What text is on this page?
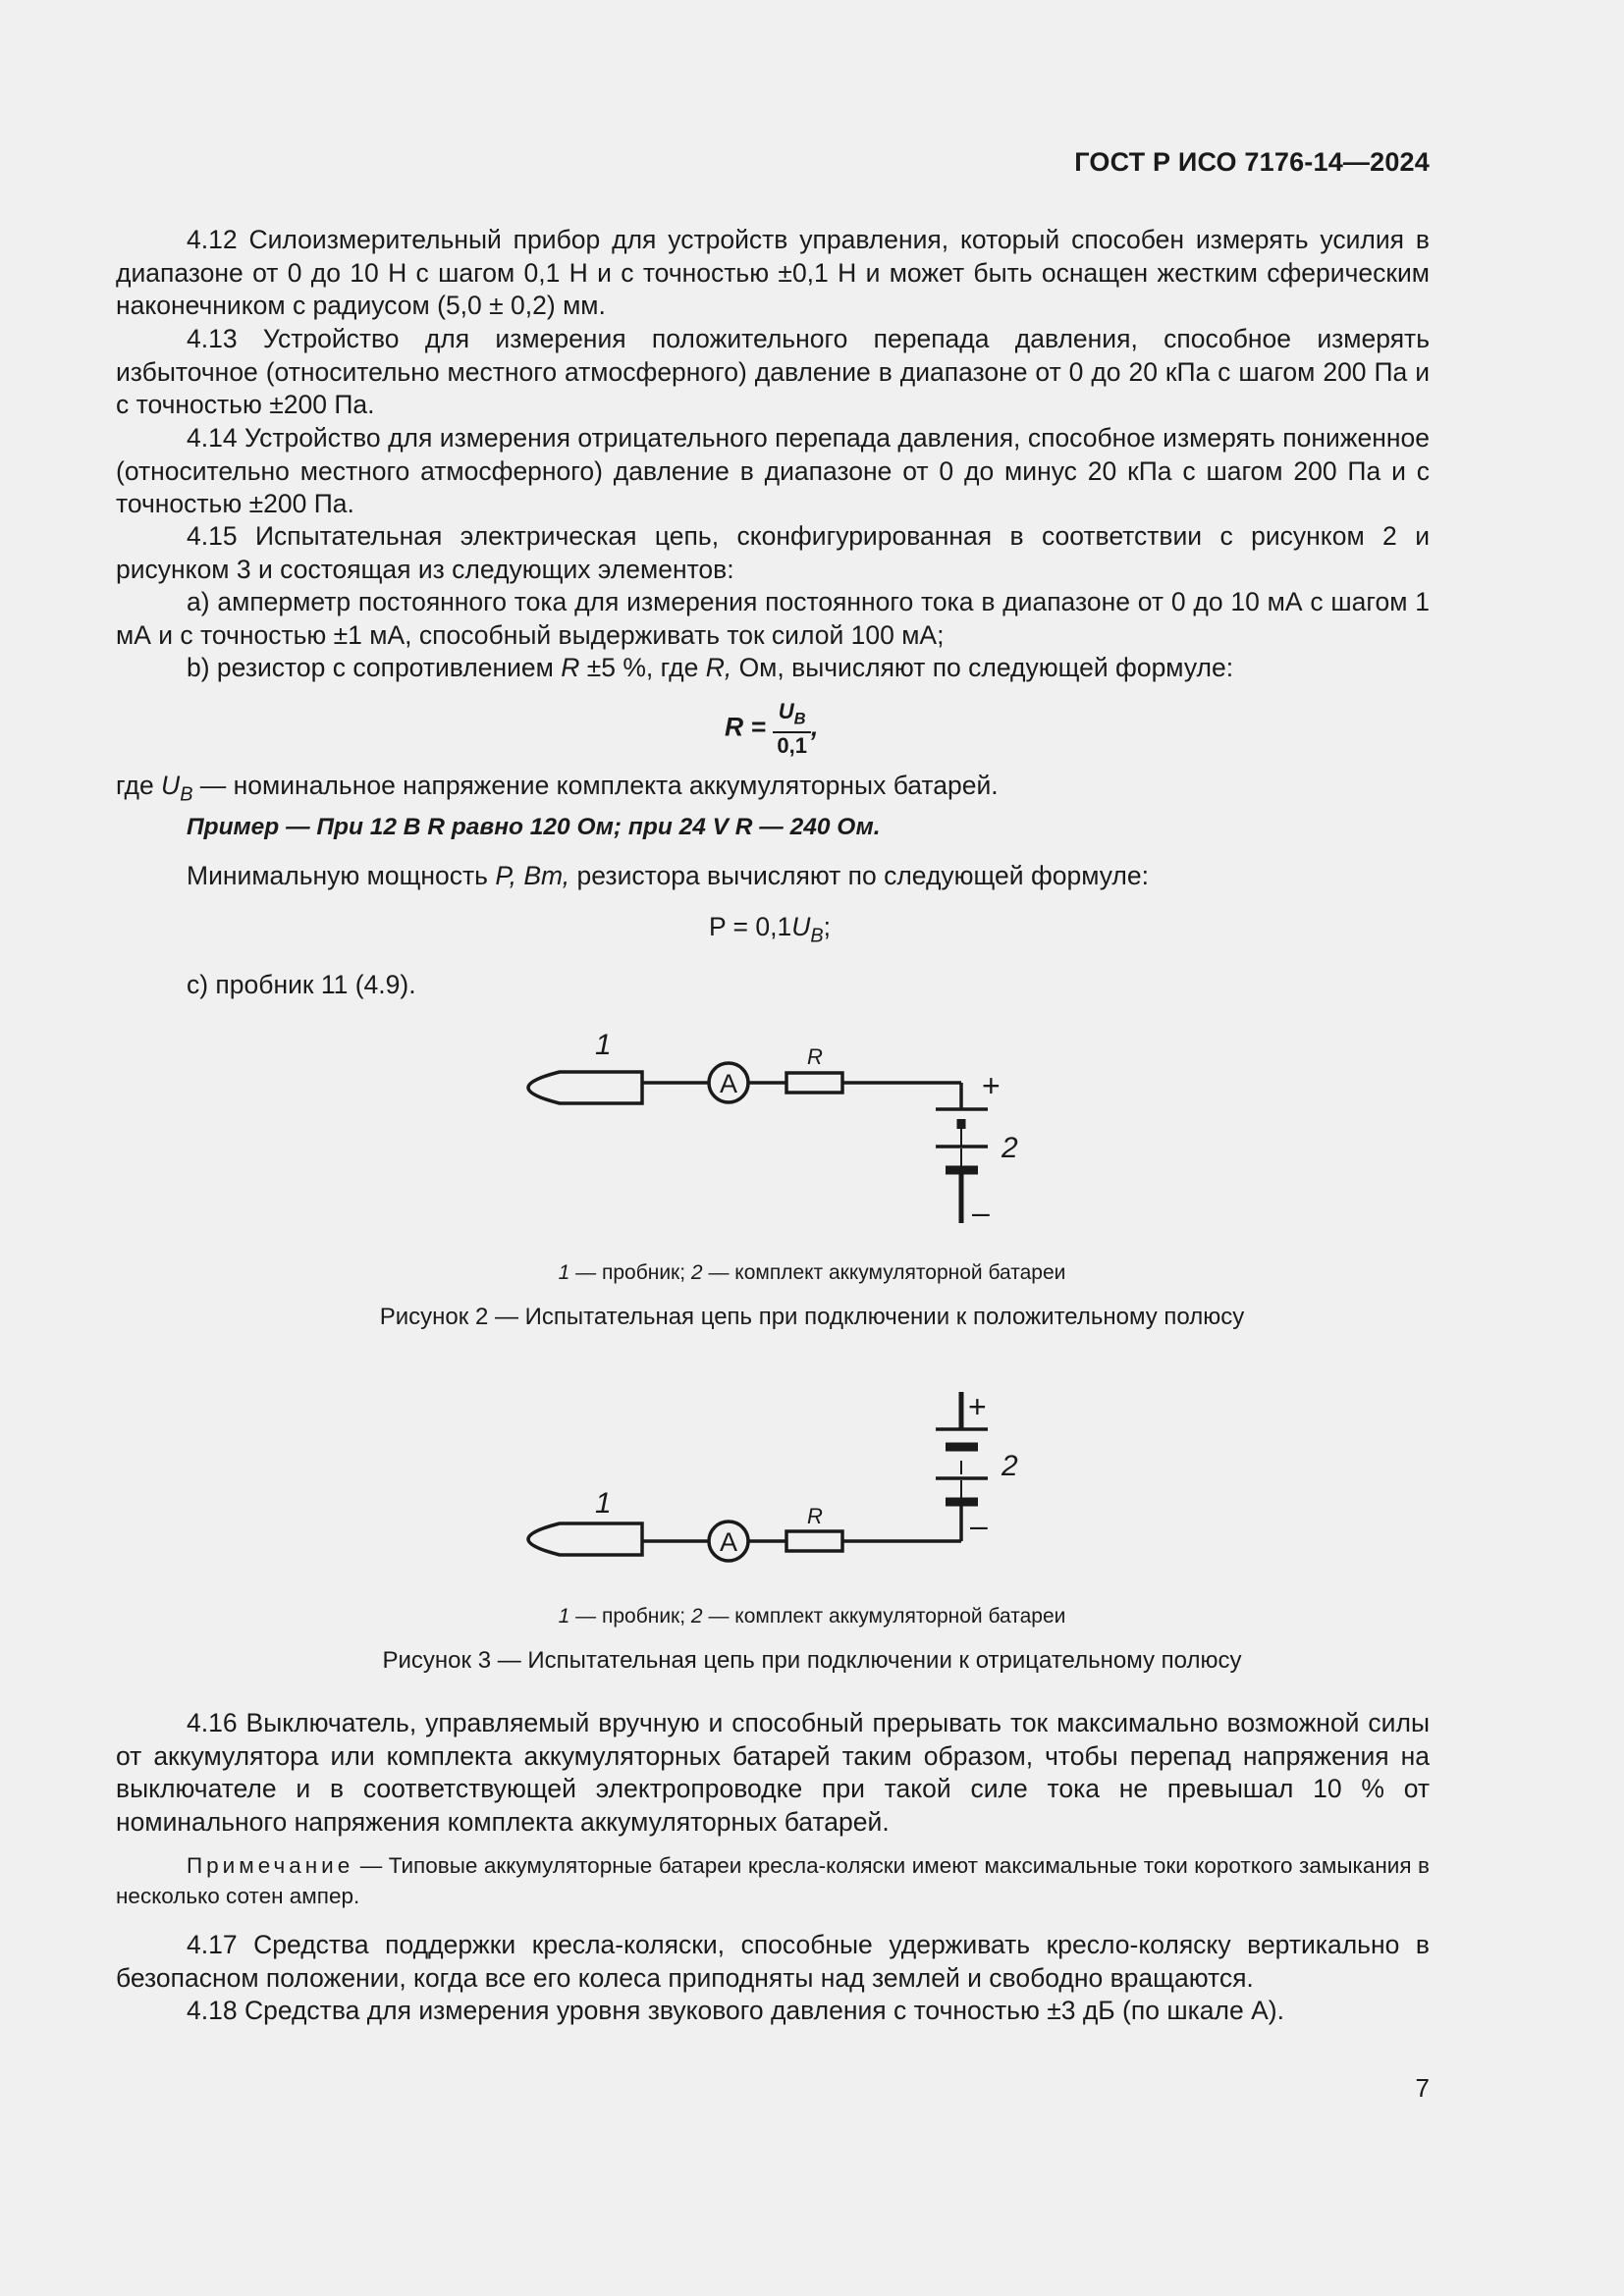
ГОСТ Р ИСО 7176-14—2024

4.12 Силоизмерительный прибор для устройств управления, который способен измерять усилия в диапазоне от 0 до 10 Н с шагом 0,1 Н и с точностью ±0,1 Н и может быть оснащен жестким сферическим наконечником с радиусом (5,0 ± 0,2) мм.

4.13 Устройство для измерения положительного перепада давления, способное измерять избыточное (относительно местного атмосферного) давление в диапазоне от 0 до 20 кПа с шагом 200 Па и с точностью ±200 Па.

4.14 Устройство для измерения отрицательного перепада давления, способное измерять пониженное (относительно местного атмосферного) давление в диапазоне от 0 до минус 20 кПа с шагом 200 Па и с точностью ±200 Па.

4.15 Испытательная электрическая цепь, сконфигурированная в соответствии с рисунком 2 и рисунком 3 и состоящая из следующих элементов:

a) амперметр постоянного тока для измерения постоянного тока в диапазоне от 0 до 10 мА с шагом 1 мА и с точностью ±1 мА, способный выдерживать ток силой 100 мА;

b) резистор с сопротивлением R ±5 %, где R, Ом, вычисляют по следующей формуле:
$R = \frac{U_B}{0,1}$ ,
где $U_B$ — номинальное напряжение комплекта аккумуляторных батарей.
Пример — При 12 В R равно 120 Ом; при 24 V R — 240 Ом.
Минимальную мощность P, Вт, резистора вычисляют по следующей формуле:
$P = 0,1U_B$;
с) пробник 11 (4.9).
1
A
R
+
2
–
1 — пробник; 2 — комплект аккумуляторной батареи
Рисунок 2 — Испытательная цепь при подключении к положительному полюсу
1
A
R
+
2
–
1 — пробник; 2 — комплект аккумуляторной батареи
Рисунок 3 — Испытательная цепь при подключении к отрицательному полюсу

4.16 Выключатель, управляемый вручную и способный прерывать ток максимально возможной силы от аккумулятора или комплекта аккумуляторных батарей таким образом, чтобы перепад напряжения на выключателе и в соответствующей электропроводке при такой силе тока не превышал 10 % от номинального напряжения комплекта аккумуляторных батарей.

Примечание — Типовые аккумуляторные батареи кресла-коляски имеют максимальные токи короткого замыкания в несколько сотен ампер.

4.17 Средства поддержки кресла-коляски, способные удерживать кресло-коляску вертикально в безопасном положении, когда все его колеса приподняты над землей и свободно вращаются.

4.18 Средства для измерения уровня звукового давления с точностью ±3 дБ (по шкале А).

7
